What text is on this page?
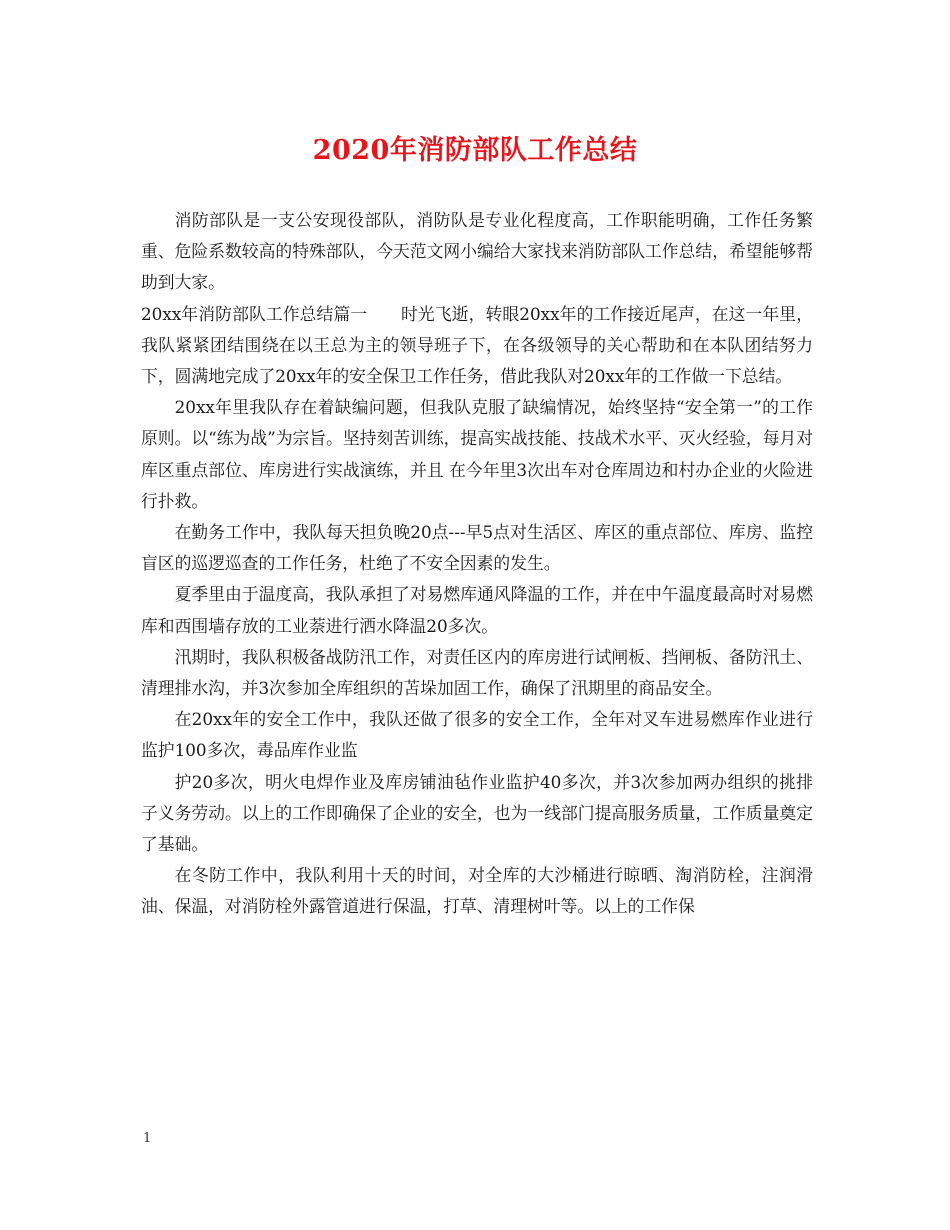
2020年消防部队工作总结

消防部队是一支公安现役部队，消防队是专业化程度高，工作职能明确，工作任务繁重、危险系数较高的特殊部队，今天范文网小编给大家找来消防部队工作总结，希望能够帮助到大家。

20xx年消防部队工作总结篇一　　时光飞逝，转眼20xx年的工作接近尾声，在这一年里，我队紧紧团结围绕在以王总为主的领导班子下，在各级领导的关心帮助和在本队团结努力下，圆满地完成了20xx年的安全保卫工作任务，借此我队对20xx年的工作做一下总结。

20xx年里我队存在着缺编问题，但我队克服了缺编情况，始终坚持“安全第一”的工作原则。以“练为战”为宗旨。坚持刻苦训练，提高实战技能、技战术水平、灭火经验，每月对库区重点部位、库房进行实战演练，并且 在今年里3次出车对仓库周边和村办企业的火险进行扑救。

在勤务工作中，我队每天担负晚20点---早5点对生活区、库区的重点部位、库房、监控盲区的巡逻巡查的工作任务，杜绝了不安全因素的发生。

夏季里由于温度高，我队承担了对易燃库通风降温的工作，并在中午温度最高时对易燃库和西围墙存放的工业萘进行洒水降温20多次。

汛期时，我队积极备战防汛工作，对责任区内的库房进行试闸板、挡闸板、备防汛土、清理排水沟，并3次参加全库组织的苫垛加固工作，确保了汛期里的商品安全。

在20xx年的安全工作中，我队还做了很多的安全工作，全年对叉车进易燃库作业进行监护100多次，毒品库作业监

护20多次，明火电焊作业及库房铺油毡作业监护40多次，并3次参加两办组织的挑排子义务劳动。以上的工作即确保了企业的安全，也为一线部门提高服务质量，工作质量奠定了基础。

在冬防工作中，我队利用十天的时间，对全库的大沙桶进行晾晒、淘消防栓，注润滑油、保温，对消防栓外露管道进行保温，打草、清理树叶等。以上的工作保

1
